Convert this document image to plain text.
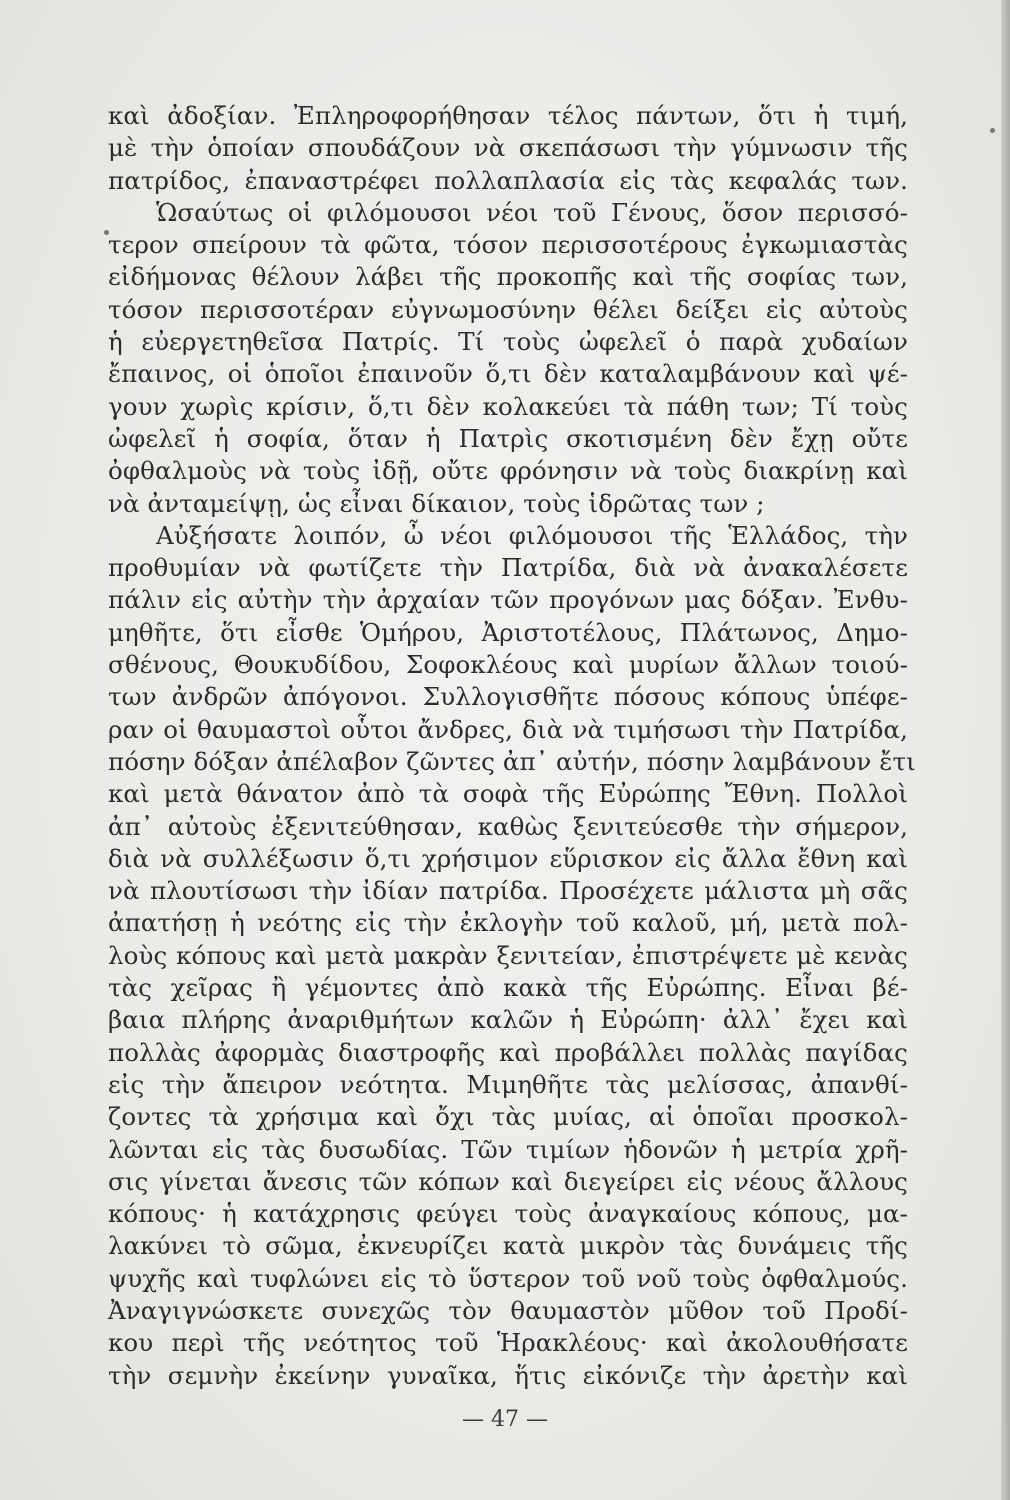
καὶ ἀδοξίαν. Ἐπληροφορήθησαν τέλος πάντων, ὅτι ἡ τιμή,
μὲ τὴν ὁποίαν σπουδάζουν νὰ σκεπάσωσι τὴν γύμνωσιν τῆς
πατρίδος, ἐπαναστρέφει πολλαπλασία εἰς τὰς κεφαλάς των.
Ὡσαύτως οἱ φιλόμουσοι νέοι τοῦ Γένους, ὅσον περισσό-
τερον σπείρουν τὰ φῶτα, τόσον περισσοτέρους ἐγκωμιαστὰς
εἰδήμονας θέλουν λάβει τῆς προκοπῆς καὶ τῆς σοφίας των,
τόσον περισσοτέραν εὐγνωμοσύνην θέλει δείξει εἰς αὐτοὺς
ἡ εὐεργετηθεῖσα Πατρίς. Τί τοὺς ὠφελεῖ ὁ παρὰ χυδαίων
ἔπαινος, οἱ ὁποῖοι ἐπαινοῦν ὅ,τι δὲν καταλαμβάνουν καὶ ψέ-
γουν χωρὶς κρίσιν, ὅ,τι δὲν κολακεύει τὰ πάθη των; Τί τοὺς
ὠφελεῖ ἡ σοφία, ὅταν ἡ Πατρὶς σκοτισμένη δὲν ἔχῃ οὔτε
ὀφθαλμοὺς νὰ τοὺς ἰδῇ, οὔτε φρόνησιν νὰ τοὺς διακρίνῃ καὶ
νὰ ἀνταμείψῃ, ὡς εἶναι δίκαιον, τοὺς ἱδρῶτας των ;
Αὐξήσατε λοιπόν, ὦ νέοι φιλόμουσοι τῆς Ἑλλάδος, τὴν
προθυμίαν νὰ φωτίζετε τὴν Πατρίδα, διὰ νὰ ἀνακαλέσετε
πάλιν εἰς αὐτὴν τὴν ἀρχαίαν τῶν προγόνων μας δόξαν. Ἐνθυ-
μηθῆτε, ὅτι εἶσθε Ὁμήρου, Ἀριστοτέλους, Πλάτωνος, Δημο-
σθένους, Θουκυδίδου, Σοφοκλέους καὶ μυρίων ἄλλων τοιού-
των ἀνδρῶν ἀπόγονοι. Συλλογισθῆτε πόσους κόπους ὑπέφε-
ραν οἱ θαυμαστοὶ οὗτοι ἄνδρες, διὰ νὰ τιμήσωσι τὴν Πατρίδα,
πόσην δόξαν ἀπέλαβον ζῶντες ἀπ᾽ αὐτήν, πόσην λαμβάνουν ἔτι
καὶ μετὰ θάνατον ἀπὸ τὰ σοφὰ τῆς Εὐρώπης Ἔθνη. Πολλοὶ
ἀπ᾽ αὐτοὺς ἐξενιτεύθησαν, καθὼς ξενιτεύεσθε τὴν σήμερον,
διὰ νὰ συλλέξωσιν ὅ,τι χρήσιμον εὕρισκον εἰς ἄλλα ἔθνη καὶ
νὰ πλουτίσωσι τὴν ἰδίαν πατρίδα. Προσέχετε μάλιστα μὴ σᾶς
ἀπατήσῃ ἡ νεότης εἰς τὴν ἐκλογὴν τοῦ καλοῦ, μή, μετὰ πολ-
λοὺς κόπους καὶ μετὰ μακρὰν ξενιτείαν, ἐπιστρέψετε μὲ κενὰς
τὰς χεῖρας ἢ γέμοντες ἀπὸ κακὰ τῆς Εὐρώπης. Εἶναι βέ-
βαια πλήρης ἀναριθμήτων καλῶν ἡ Εὐρώπη· ἀλλ᾽ ἔχει καὶ
πολλὰς ἀφορμὰς διαστροφῆς καὶ προβάλλει πολλὰς παγίδας
εἰς τὴν ἄπειρον νεότητα. Μιμηθῆτε τὰς μελίσσας, ἀπανθί-
ζοντες τὰ χρήσιμα καὶ ὄχι τὰς μυίας, αἱ ὁποῖαι προσκολ-
λῶνται εἰς τὰς δυσωδίας. Τῶν τιμίων ἡδονῶν ἡ μετρία χρῆ-
σις γίνεται ἄνεσις τῶν κόπων καὶ διεγείρει εἰς νέους ἄλλους
κόπους· ἡ κατάχρησις φεύγει τοὺς ἀναγκαίους κόπους, μα-
λακύνει τὸ σῶμα, ἐκνευρίζει κατὰ μικρὸν τὰς δυνάμεις τῆς
ψυχῆς καὶ τυφλώνει εἰς τὸ ὕστερον τοῦ νοῦ τοὺς ὀφθαλμούς.
Ἀναγιγνώσκετε συνεχῶς τὸν θαυμαστὸν μῦθον τοῦ Προδί-
κου περὶ τῆς νεότητος τοῦ Ἡρακλέους· καὶ ἀκολουθήσατε
τὴν σεμνὴν ἐκείνην γυναῖκα, ἥτις εἰκόνιζε τὴν ἀρετὴν καὶ
— 47 —
